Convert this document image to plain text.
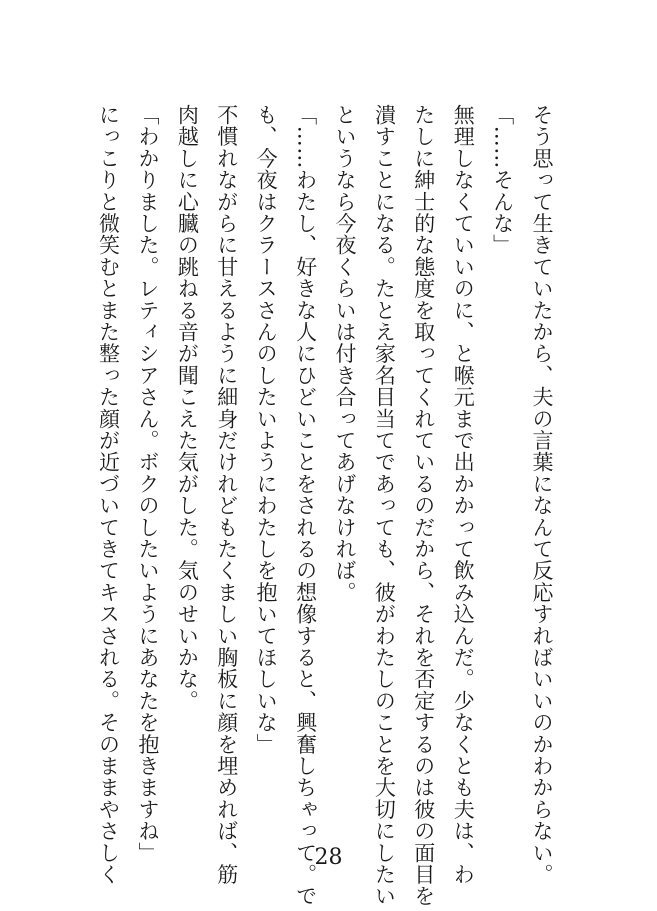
そう思って生きていたから、夫の言葉になんて反応すればいいのかわからない。
「……そんな」
無理しなくていいのに、と喉元まで出かかって飲み込んだ。少なくとも夫は、わ
たしに紳士的な態度を取ってくれているのだから、それを否定するのは彼の面目を
潰すことになる。たとえ家名目当てであっても、彼がわたしのことを大切にしたい
というなら今夜くらいは付き合ってあげなければ。
「……わたし、好きな人にひどいことをされるの想像すると、興奮しちゃって。で
も、今夜はクラースさんのしたいようにわたしを抱いてほしいな」
不慣れながらに甘えるように細身だけれどもたくましい胸板に顔を埋めれば、筋
肉越しに心臓の跳ねる音が聞こえた気がした。気のせいかな。
「わかりました。レティシアさん。ボクのしたいようにあなたを抱きますね」
にっこりと微笑むとまた整った顔が近づいてきてキスされる。そのままやさしく	28
